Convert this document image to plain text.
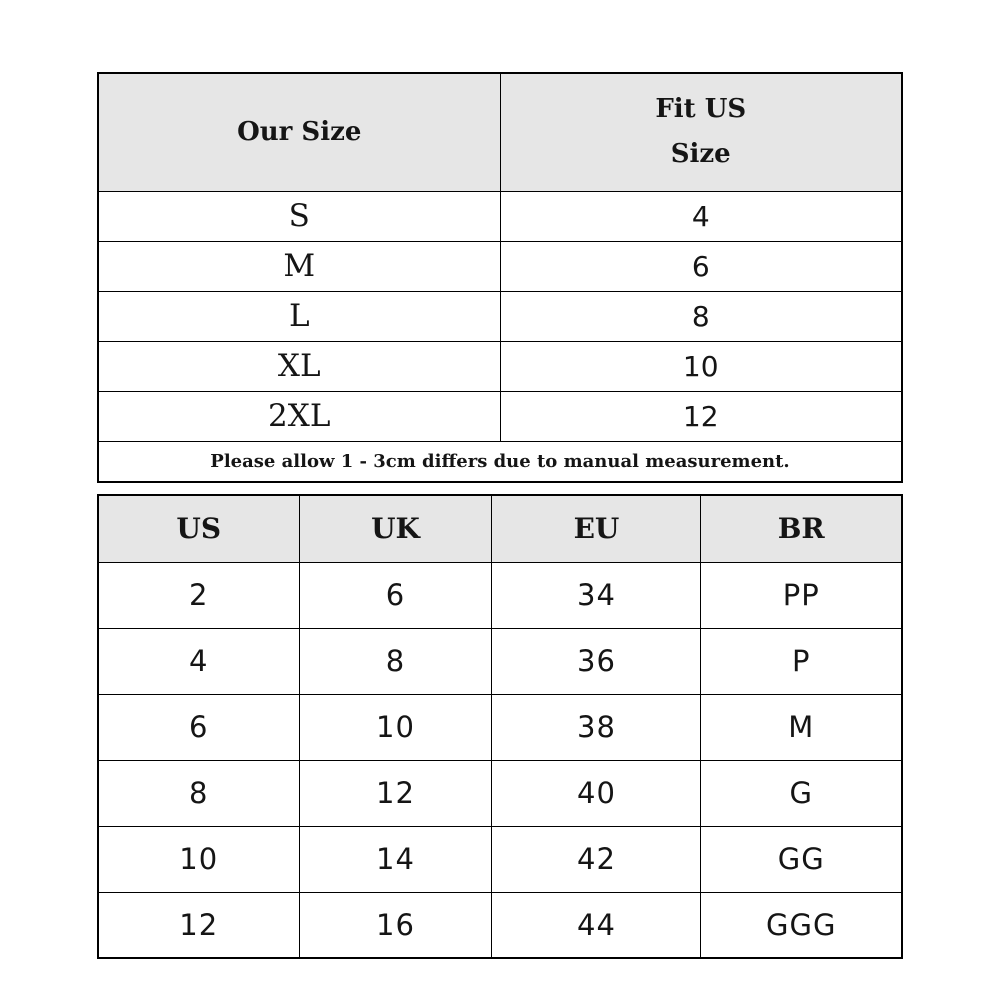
Our Size	Fit US
Size

S	4
M	6
L	8
XL	10
2XL	12
Please allow 1 - 3cm differs due to manual measurement.	
US	UK	EU	BR
2	6	34	PP
4	8	36	P
6	10	38	M
8	12	40	G
10	14	42	GG
12	16	44	GGG
